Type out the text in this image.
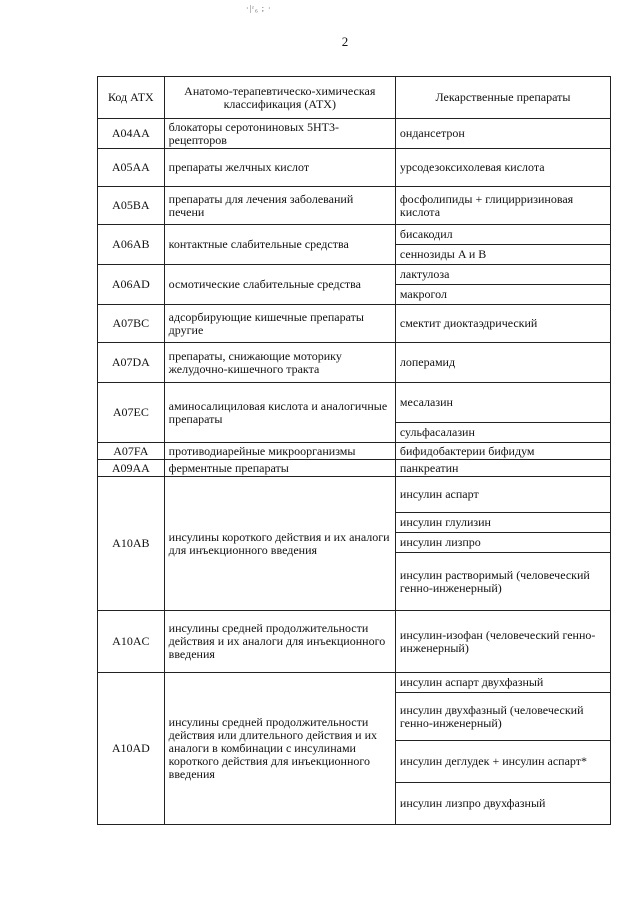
·|ʳ₆ ; ·
2
Код АТХ	Анатомо-терапевтическо-химическая классификация (АТХ)	Лекарственные препараты
A04AA	блокаторы серотониновых 5HT3-рецепторов	ондансетрон
A05AA	препараты желчных кислот	урсодезоксихолевая кислота
A05BA	препараты для лечения заболеваний печени	фосфолипиды + глицирризиновая кислота
A06AB	контактные слабительные средства	бисакодил
		сеннозиды A и B
A06AD	осмотические слабительные средства	лактулоза
		макрогол
A07BC	адсорбирующие кишечные препараты другие	смектит диоктаэдрический
A07DA	препараты, снижающие моторику желудочно-кишечного тракта	лоперамид
A07EC	аминосалициловая кислота и аналогичные препараты	месалазин
		сульфасалазин
A07FA	противодиарейные микроорганизмы	бифидобактерии бифидум
A09AA	ферментные препараты	панкреатин
A10AB	инсулины короткого действия и их аналоги для инъекционного введения	инсулин аспарт
		инсулин глулизин
		инсулин лизпро
		инсулин растворимый (человеческий генно-инженерный)
A10AC	инсулины средней продолжительности действия и их аналоги для инъекционного введения	инсулин-изофан (человеческий генно-инженерный)
A10AD	инсулины средней продолжительности действия или длительного действия и их аналоги в комбинации с инсулинами короткого действия для инъекционного введения	инсулин аспарт двухфазный
		инсулин двухфазный (человеческий генно-инженерный)
		инсулин деглудек + инсулин аспарт*
		инсулин лизпро двухфазный
